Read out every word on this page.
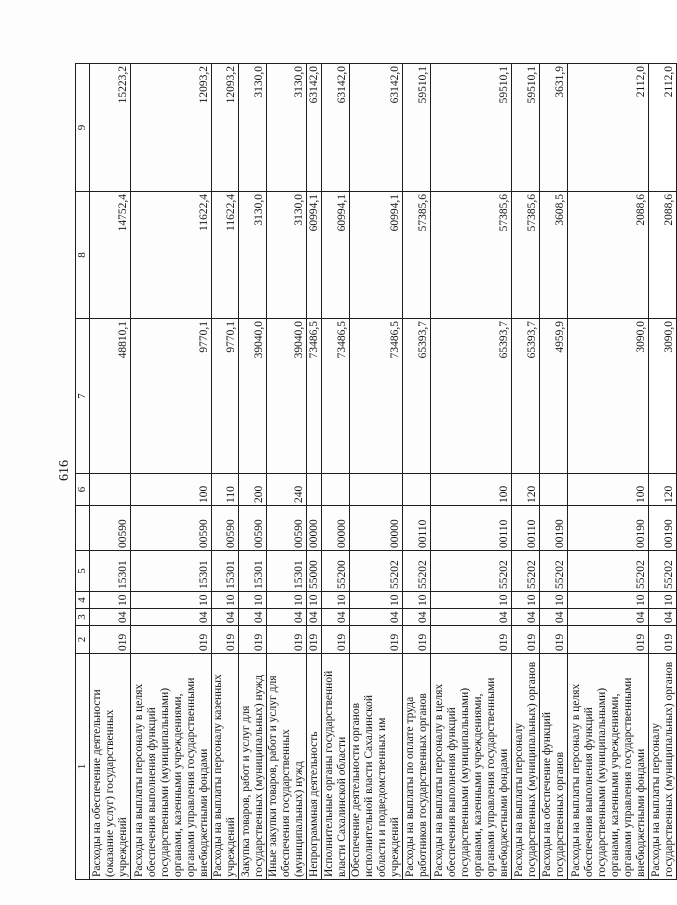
616
1	2	3	4	5		6	7	8	9
Расходы на обеспечение деятельности (оказание услуг) государственных учреждений	019	04	10	15301	00590		48810,1	14752,4	15223,2
Расходы на выплаты персоналу в целях обеспечения выполнения функций государственными (муниципальными) органами, казенными учреждениями, органами управления государственными внебюджетными фондами	019	04	10	15301	00590	100	9770,1	11622,4	12093,2
Расходы на выплаты персоналу казенных учреждений	019	04	10	15301	00590	110	9770,1	11622,4	12093,2
Закупка товаров, работ и услуг для государственных (муниципальных) нужд	019	04	10	15301	00590	200	39040,0	3130,0	3130,0
Иные закупки товаров, работ и услуг для обеспечения государственных (муниципальных) нужд	019	04	10	15301	00590	240	39040,0	3130,0	3130,0
Непрограммная деятельность	019	04	10	55000	00000		73486,5	60994,1	63142,0
Исполнительные органы государственной власти Сахалинской области	019	04	10	55200	00000		73486,5	60994,1	63142,0
Обеспечение деятельности органов исполнительной власти Сахалинской области и подведомственных им учреждений	019	04	10	55202	00000		73486,5	60994,1	63142,0
Расходы на выплаты по оплате труда работников государственных органов	019	04	10	55202	00110		65393,7	57385,6	59510,1
Расходы на выплаты персоналу в целях обеспечения выполнения функций государственными (муниципальными) органами, казенными учреждениями, органами управления государственными внебюджетными фондами	019	04	10	55202	00110	100	65393,7	57385,6	59510,1
Расходы на выплаты персоналу государственных (муниципальных) органов	019	04	10	55202	00110	120	65393,7	57385,6	59510,1
Расходы на обеспечение функций государственных органов	019	04	10	55202	00190		4959,9	3608,5	3631,9
Расходы на выплаты персоналу в целях обеспечения выполнения функций государственными (муниципальными) органами, казенными учреждениями, органами управления государственными внебюджетными фондами	019	04	10	55202	00190	100	3090,0	2088,6	2112,0
Расходы на выплаты персоналу государственных (муниципальных) органов	019	04	10	55202	00190	120	3090,0	2088,6	2112,0
